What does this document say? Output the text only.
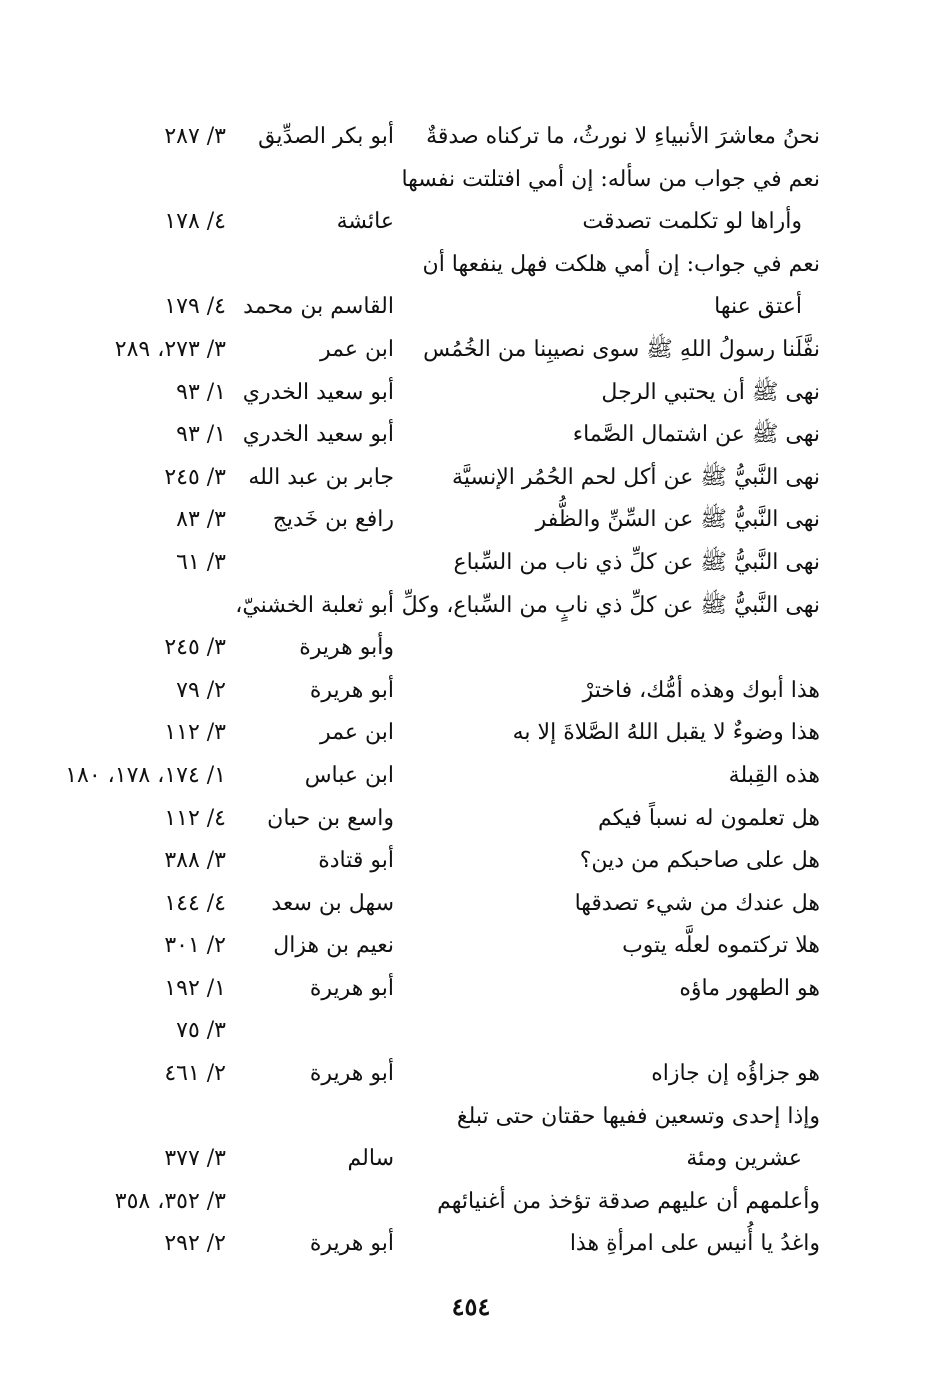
نحنُ معاشرَ الأنبياءِ لا نورثُ، ما تركناه صدقةٌ
أبو بكر الصدِّيق
٣/ ٢٨٧
نعم في جواب من سأله: إن أمي افتلتت نفسها
وأراها لو تكلمت تصدقت
عائشة
٤/ ١٧٨
نعم في جواب: إن أمي هلكت فهل ينفعها أن
أعتق عنها
القاسم بن محمد
٤/ ١٧٩
نفَّلَنا رسولُ اللهِ ﷺ سوى نصيبِنا من الخُمُس
ابن عمر
٣/ ٢٧٣، ٢٨٩
نهى ﷺ أن يحتبي الرجل
أبو سعيد الخدري
١/ ٩٣
نهى ﷺ عن اشتمال الصَّماء
أبو سعيد الخدري
١/ ٩٣
نهى النَّبيُّ ﷺ عن أكل لحم الحُمُر الإنسيَّة
جابر بن عبد الله
٣/ ٢٤٥
نهى النَّبيُّ ﷺ عن السِّنِّ والظُّفر
رافع بن خَديج
٣/ ٨٣
نهى النَّبيُّ ﷺ عن كلِّ ذي ناب من السِّباع
٣/ ٦١
نهى النَّبيُّ ﷺ عن كلِّ ذي نابٍ من السِّباع، وكلِّ
أبو ثعلبة الخشنيّ،
وأبو هريرة
٣/ ٢٤٥
هذا أبوك وهذه أمُّك، فاخترْ
أبو هريرة
٢/ ٧٩
هذا وضوءٌ لا يقبل اللهُ الصَّلاةَ إلا به
ابن عمر
٣/ ١١٢
هذه القِبلة
ابن عباس
١/ ١٧٤، ١٧٨، ١٨٠
هل تعلمون له نسباً فيكم
واسع بن حبان
٤/ ١١٢
هل على صاحبكم من دين؟
أبو قتادة
٣/ ٣٨٨
هل عندك من شيء تصدقها
سهل بن سعد
٤/ ١٤٤
هلا تركتموه لعلَّه يتوب
نعيم بن هزال
٢/ ٣٠١
هو الطهور ماؤه
أبو هريرة
١/ ١٩٢
٣/ ٧٥
هو جزاؤُه إن جازاه
أبو هريرة
٢/ ٤٦١
وإذا إحدى وتسعين ففيها حقتان حتى تبلغ
عشرين ومئة
سالم
٣/ ٣٧٧
وأعلمهم أن عليهم صدقة تؤخذ من أغنيائهم
٣/ ٣٥٢، ٣٥٨
واغدُ يا أُنيس على امرأةِ هذا
أبو هريرة
٢/ ٢٩٢
٤٥٤
